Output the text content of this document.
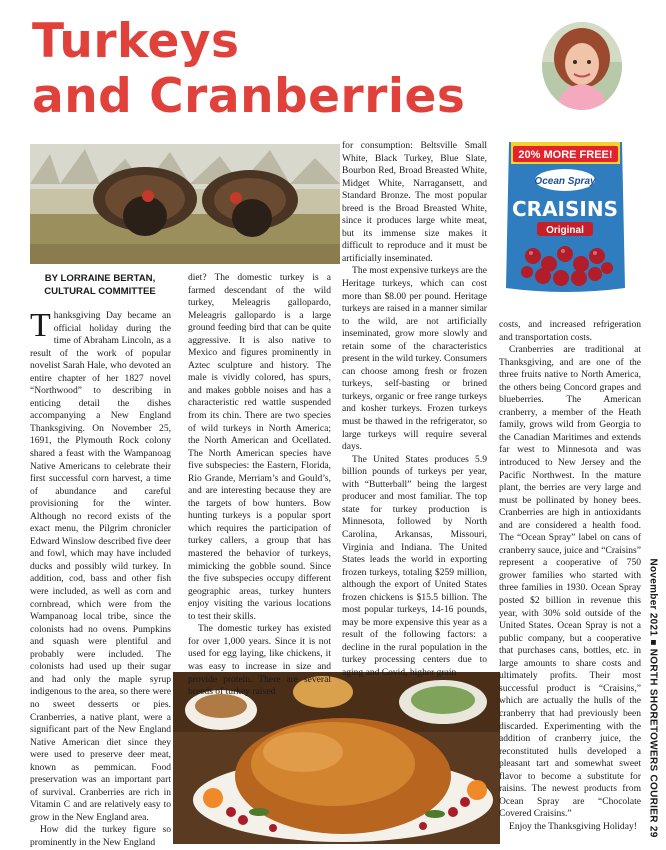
Turkeys
and Cranberries
20% MORE FREE!
Ocean Spray
CRAISINS
Original
BY LORRAINE BERTAN,
CULTURAL COMMITTEE

Thanksgiving Day became an official holiday during the time of Abraham Lincoln, as a result of the work of popular novelist Sarah Hale, who devoted an entire chapter of her 1827 novel “Northwood” to describing in enticing detail the dishes accompanying a New England Thanksgiving. On November 25, 1691, the Plymouth Rock colony shared a feast with the Wampanoag Native Americans to celebrate their first successful corn harvest, a time of abundance and careful provisioning for the winter. Although no record exists of the exact menu, the Pilgrim chronicler Edward Winslow described five deer and fowl, which may have included ducks and possibly wild turkey. In addition, cod, bass and other fish were included, as well as corn and cornbread, which were from the Wampanoag local tribe, since the colonists had no ovens. Pumpkins and squash were plentiful and probably were included. The colonists had used up their sugar and had only the maple syrup indigenous to the area, so there were no sweet desserts or pies. Cranberries, a native plant, were a significant part of the New England Native American diet since they were used to preserve deer meat, known as pemmican. Food preservation was an important part of survival. Cranberries are rich in Vitamin C and are relatively easy to grow in the New England area.

How did the turkey figure so prominently in the New England

diet? The domestic turkey is a farmed descendant of the wild turkey, Meleagris gallopardo, Meleagris gallopardo is a large ground feeding bird that can be quite aggressive. It is also native to Mexico and figures prominently in Aztec sculpture and history. The male is vividly colored, has spurs, and makes gobble noises and has a characteristic red wattle suspended from its chin. There are two species of wild turkeys in North America; the North American and Ocellated. The North American species have five subspecies: the Eastern, Florida, Rio Grande, Merriam’s and Gould’s, and are interesting because they are the targets of bow hunters. Bow hunting turkeys is a popular sport which requires the participation of turkey callers, a group that has mastered the behavior of turkeys, mimicking the gobble sound. Since the five subspecies occupy different geographic areas, turkey hunters enjoy visiting the various locations to test their skills.

The domestic turkey has existed for over 1,000 years. Since it is not used for egg laying, like chickens, it was easy to increase in size and provide protein. There are several breeds of turkey raised

for consumption: Beltsville Small White, Black Turkey, Blue Slate, Bourbon Red, Broad Breasted White, Midget White, Narragansett, and Standard Bronze. The most popular breed is the Broad Breasted White, since it produces large white meat, but its immense size makes it difficult to reproduce and it must be artificially inseminated.

The most expensive turkeys are the Heritage turkeys, which can cost more than $8.00 per pound. Heritage turkeys are raised in a manner similar to the wild, are not artificially inseminated, grow more slowly and retain some of the characteristics present in the wild turkey. Consumers can choose among fresh or frozen turkeys, self-basting or brined turkeys, organic or free range turkeys and kosher turkeys. Frozen turkeys must be thawed in the refrigerator, so large turkeys will require several days.

The United States produces 5.9 billion pounds of turkeys per year, with “Butterball” being the largest producer and most familiar. The top state for turkey production is Minnesota, followed by North Carolina, Arkansas, Missouri, Virginia and Indiana. The United States leads the world in exporting frozen turkeys, totaling $259 million, although the export of United States frozen chickens is $15.5 billion. The most popular turkeys, 14-16 pounds, may be more expensive this year as a result of the following factors: a decline in the rural population in the turkey processing centers due to aging and Covid, higher grain

costs, and increased refrigeration and transportation costs.

Cranberries are traditional at Thanksgiving, and are one of the three fruits native to North America, the others being Concord grapes and blueberries. The American cranberry, a member of the Heath family, grows wild from Georgia to the Canadian Maritimes and extends far west to Minnesota and was introduced to New Jersey and the Pacific Northwest. In the mature plant, the berries are very large and must be pollinated by honey bees. Cranberries are high in antioxidants and are considered a health food. The “Ocean Spray” label on cans of cranberry sauce, juice and “Craisins” represent a cooperative of 750 grower families who started with three families in 1930. Ocean Spray posted $2 billion in revenue this year, with 30% sold outside of the United States. Ocean Spray is not a public company, but a cooperative that purchases cans, bottles, etc. in large amounts to share costs and ultimately profits. Their most successful product is “Craisins,” which are actually the hulls of the cranberry that had previously been discarded. Experimenting with the addition of cranberry juice, the reconstituted hulls developed a pleasant tart and somewhat sweet flavor to become a substitute for raisins. The newest products from Ocean Spray are “Chocolate Covered Craisins.”

Enjoy the Thanksgiving Holiday!	November 2021 ■ NORTH SHORETOWERS COURIER 29
